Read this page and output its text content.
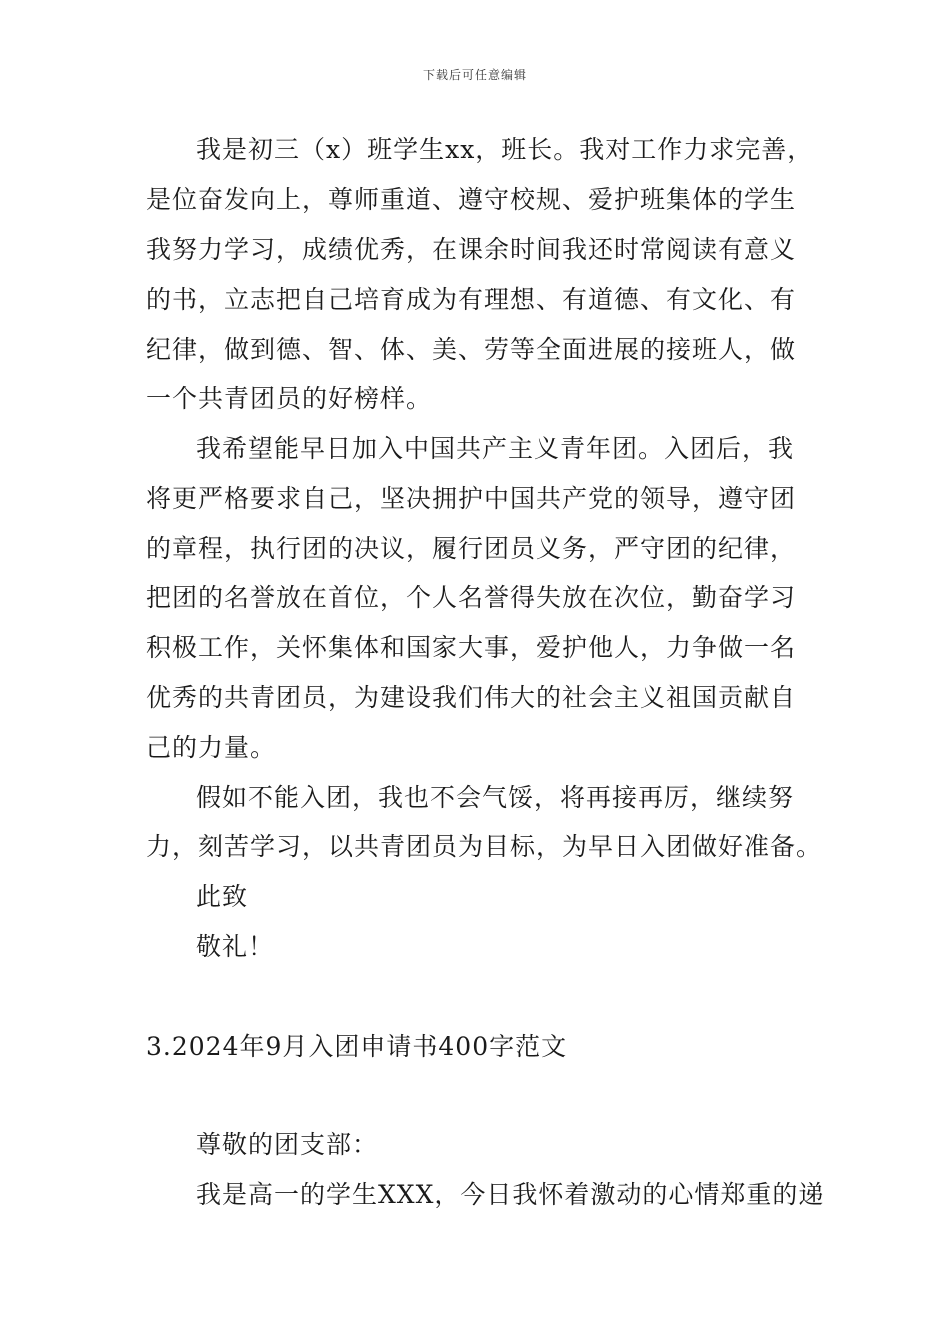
下载后可任意编辑
我是初三（x）班学生xx，班长。我对工作力求完善，
是位奋发向上，尊师重道、遵守校规、爱护班集体的学生
我努力学习，成绩优秀，在课余时间我还时常阅读有意义
的书，立志把自己培育成为有理想、有道德、有文化、有
纪律，做到德、智、体、美、劳等全面进展的接班人，做
一个共青团员的好榜样。
我希望能早日加入中国共产主义青年团。入团后，我
将更严格要求自己，坚决拥护中国共产党的领导，遵守团
的章程，执行团的决议，履行团员义务，严守团的纪律，
把团的名誉放在首位，个人名誉得失放在次位，勤奋学习
积极工作，关怀集体和国家大事，爱护他人，力争做一名
优秀的共青团员，为建设我们伟大的社会主义祖国贡献自
己的力量。
假如不能入团，我也不会气馁，将再接再厉，继续努
力，刻苦学习，以共青团员为目标，为早日入团做好准备。
此致
敬礼！
3.2024年9月入团申请书400字范文
尊敬的团支部：
我是高一的学生XXX，今日我怀着激动的心情郑重的递
